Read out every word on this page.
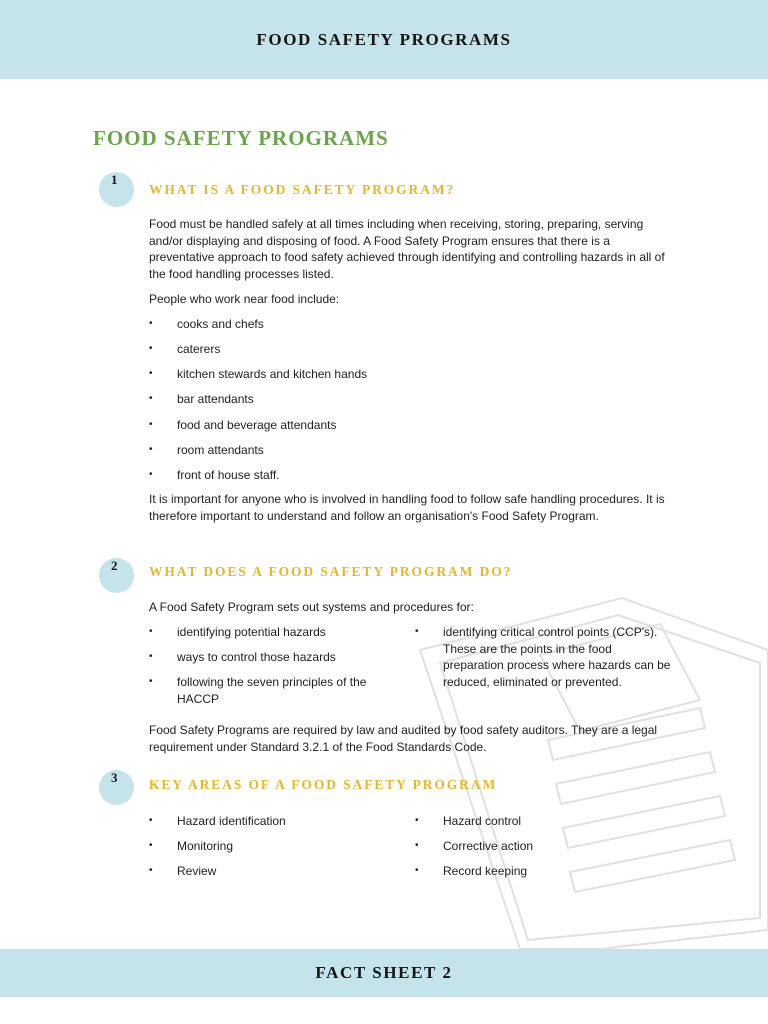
FOOD SAFETY PROGRAMS
FOOD SAFETY PROGRAMS
1
WHAT IS A FOOD SAFETY PROGRAM?

Food must be handled safely at all times including when receiving, storing, preparing, serving and/or displaying and disposing of food. A Food Safety Program ensures that there is a preventative approach to food safety achieved through identifying and controlling hazards in all of the food handling processes listed.

People who work near food include:

• cooks and chefs
• caterers
• kitchen stewards and kitchen hands
• bar attendants
• food and beverage attendants
• room attendants
• front of house staff.

It is important for anyone who is involved in handling food to follow safe handling procedures. It is therefore important to understand and follow an organisation's Food Safety Program.

2 WHAT DOES A FOOD SAFETY PROGRAM DO?

A Food Safety Program sets out systems and procedures for:

• identifying potential hazards
• ways to control those hazards
• following the seven principles of the HACCP
• identifying critical control points (CCP's). These are the points in the food preparation process where hazards can be reduced, eliminated or prevented.

Food Safety Programs are required by law and audited by food safety auditors. They are a legal requirement under Standard 3.2.1 of the Food Standards Code.

3 KEY AREAS OF A FOOD SAFETY PROGRAM
• Hazard identification
• Monitoring
• Review
• Hazard control
• Corrective action
• Record keeping
FACT SHEET 2
